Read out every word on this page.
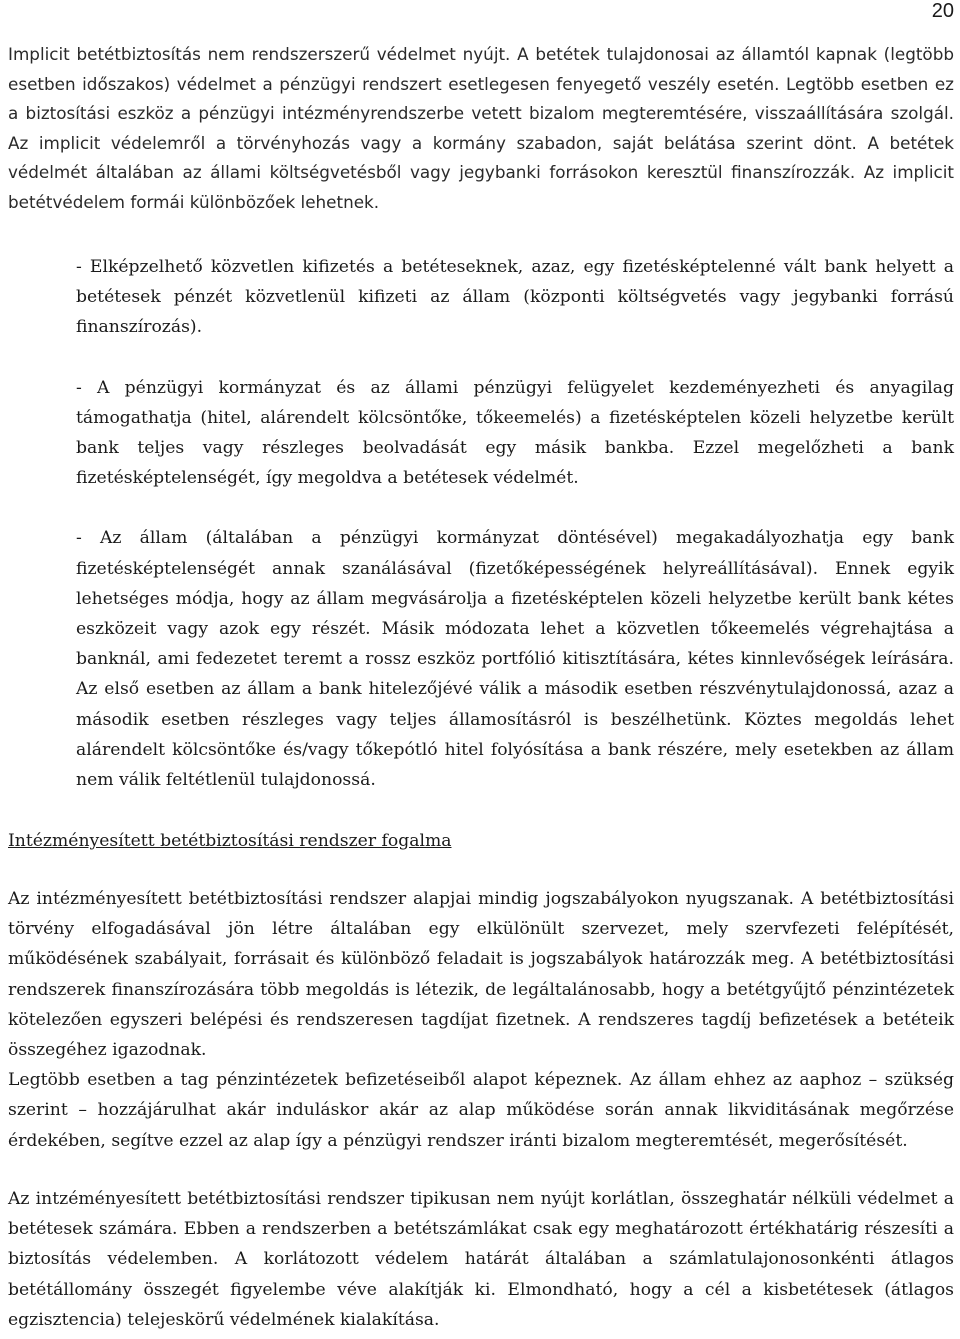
20

Implicit betétbiztosítás nem rendszerszerű védelmet nyújt. A betétek tulajdonosai az államtól kapnak (legtöbb esetben időszakos) védelmet a pénzügyi rendszert esetlegesen fenyegető veszély esetén. Legtöbb esetben ez a biztosítási eszköz a pénzügyi intézményrendszerbe vetett bizalom megteremtésére, visszaállítására szolgál. Az implicit védelemről a törvényhozás vagy a kormány szabadon, saját belátása szerint dönt. A betétek védelmét általában az állami költségvetésből vagy jegybanki forrásokon keresztül finanszírozzák. Az implicit betétvédelem formái különbözőek lehetnek.

- Elképzelhető közvetlen kifizetés a betéteseknek, azaz, egy fizetésképtelenné vált bank helyett a betétesek pénzét közvetlenül kifizeti az állam (központi költségvetés vagy jegybanki forrású finanszírozás).

- A pénzügyi kormányzat és az állami pénzügyi felügyelet kezdeményezheti és anyagilag támogathatja (hitel, alárendelt kölcsöntőke, tőkeemelés) a fizetésképtelen közeli helyzetbe került bank teljes vagy részleges beolvadását egy másik bankba. Ezzel megelőzheti a bank fizetésképtelenségét, így megoldva a betétesek védelmét.

- Az állam (általában a pénzügyi kormányzat döntésével) megakadályozhatja egy bank fizetésképtelenségét annak szanálásával (fizetőképességének helyreállításával). Ennek egyik lehetséges módja, hogy az állam megvásárolja a fizetésképtelen közeli helyzetbe került bank kétes eszközeit vagy azok egy részét. Másik módozata lehet a közvetlen tőkeemelés végrehajtása a banknál, ami fedezetet teremt a rossz eszköz portfólió kitisztítására, kétes kinnlevőségek leírására. Az első esetben az állam a bank hitelezőjévé válik a második esetben részvénytulajdonossá, azaz a második esetben részleges vagy teljes államosításról is beszélhetünk. Köztes megoldás lehet alárendelt kölcsöntőke és/vagy tőkepótló hitel folyósítása a bank részére, mely esetekben az állam nem válik feltétlenül tulajdonossá.

Intézményesített betétbiztosítási rendszer fogalma

Az intézményesített betétbiztosítási rendszer alapjai mindig jogszabályokon nyugszanak. A betétbiztosítási törvény elfogadásával jön létre általában egy elkülönült szervezet, mely szervfezeti felépítését, működésének szabályait, forrásait és különböző feladait is jogszabályok határozzák meg. A betétbiztosítási rendszerek finanszírozására több megoldás is létezik, de legáltalánosabb, hogy a betétgyűjtő pénzintézetek kötelezően egyszeri belépési és rendszeresen tagdíjat fizetnek. A rendszeres tagdíj befizetések a betéteik összegéhez igazodnak.

Legtöbb esetben a tag pénzintézetek befizetéseiből alapot képeznek. Az állam ehhez az aaphoz – szükség szerint – hozzájárulhat akár induláskor akár az alap működése során annak likviditásának megőrzése érdekében, segítve ezzel az alap így a pénzügyi rendszer iránti bizalom megteremtését, megerősítését.

Az intzéményesített betétbiztosítási rendszer tipikusan nem nyújt korlátlan, összeghatár nélküli védelmet a betétesek számára. Ebben a rendszerben a betétszámlákat csak egy meghatározott értékhatárig részesíti a biztosítás védelemben. A korlátozott védelem határát általában a számlatulajonosonkénti átlagos betétállomány összegét figyelembe véve alakítják ki. Elmondható, hogy a cél a kisbetétesek (átlagos egzisztencia) telejeskörű védelmének kialakítása.
